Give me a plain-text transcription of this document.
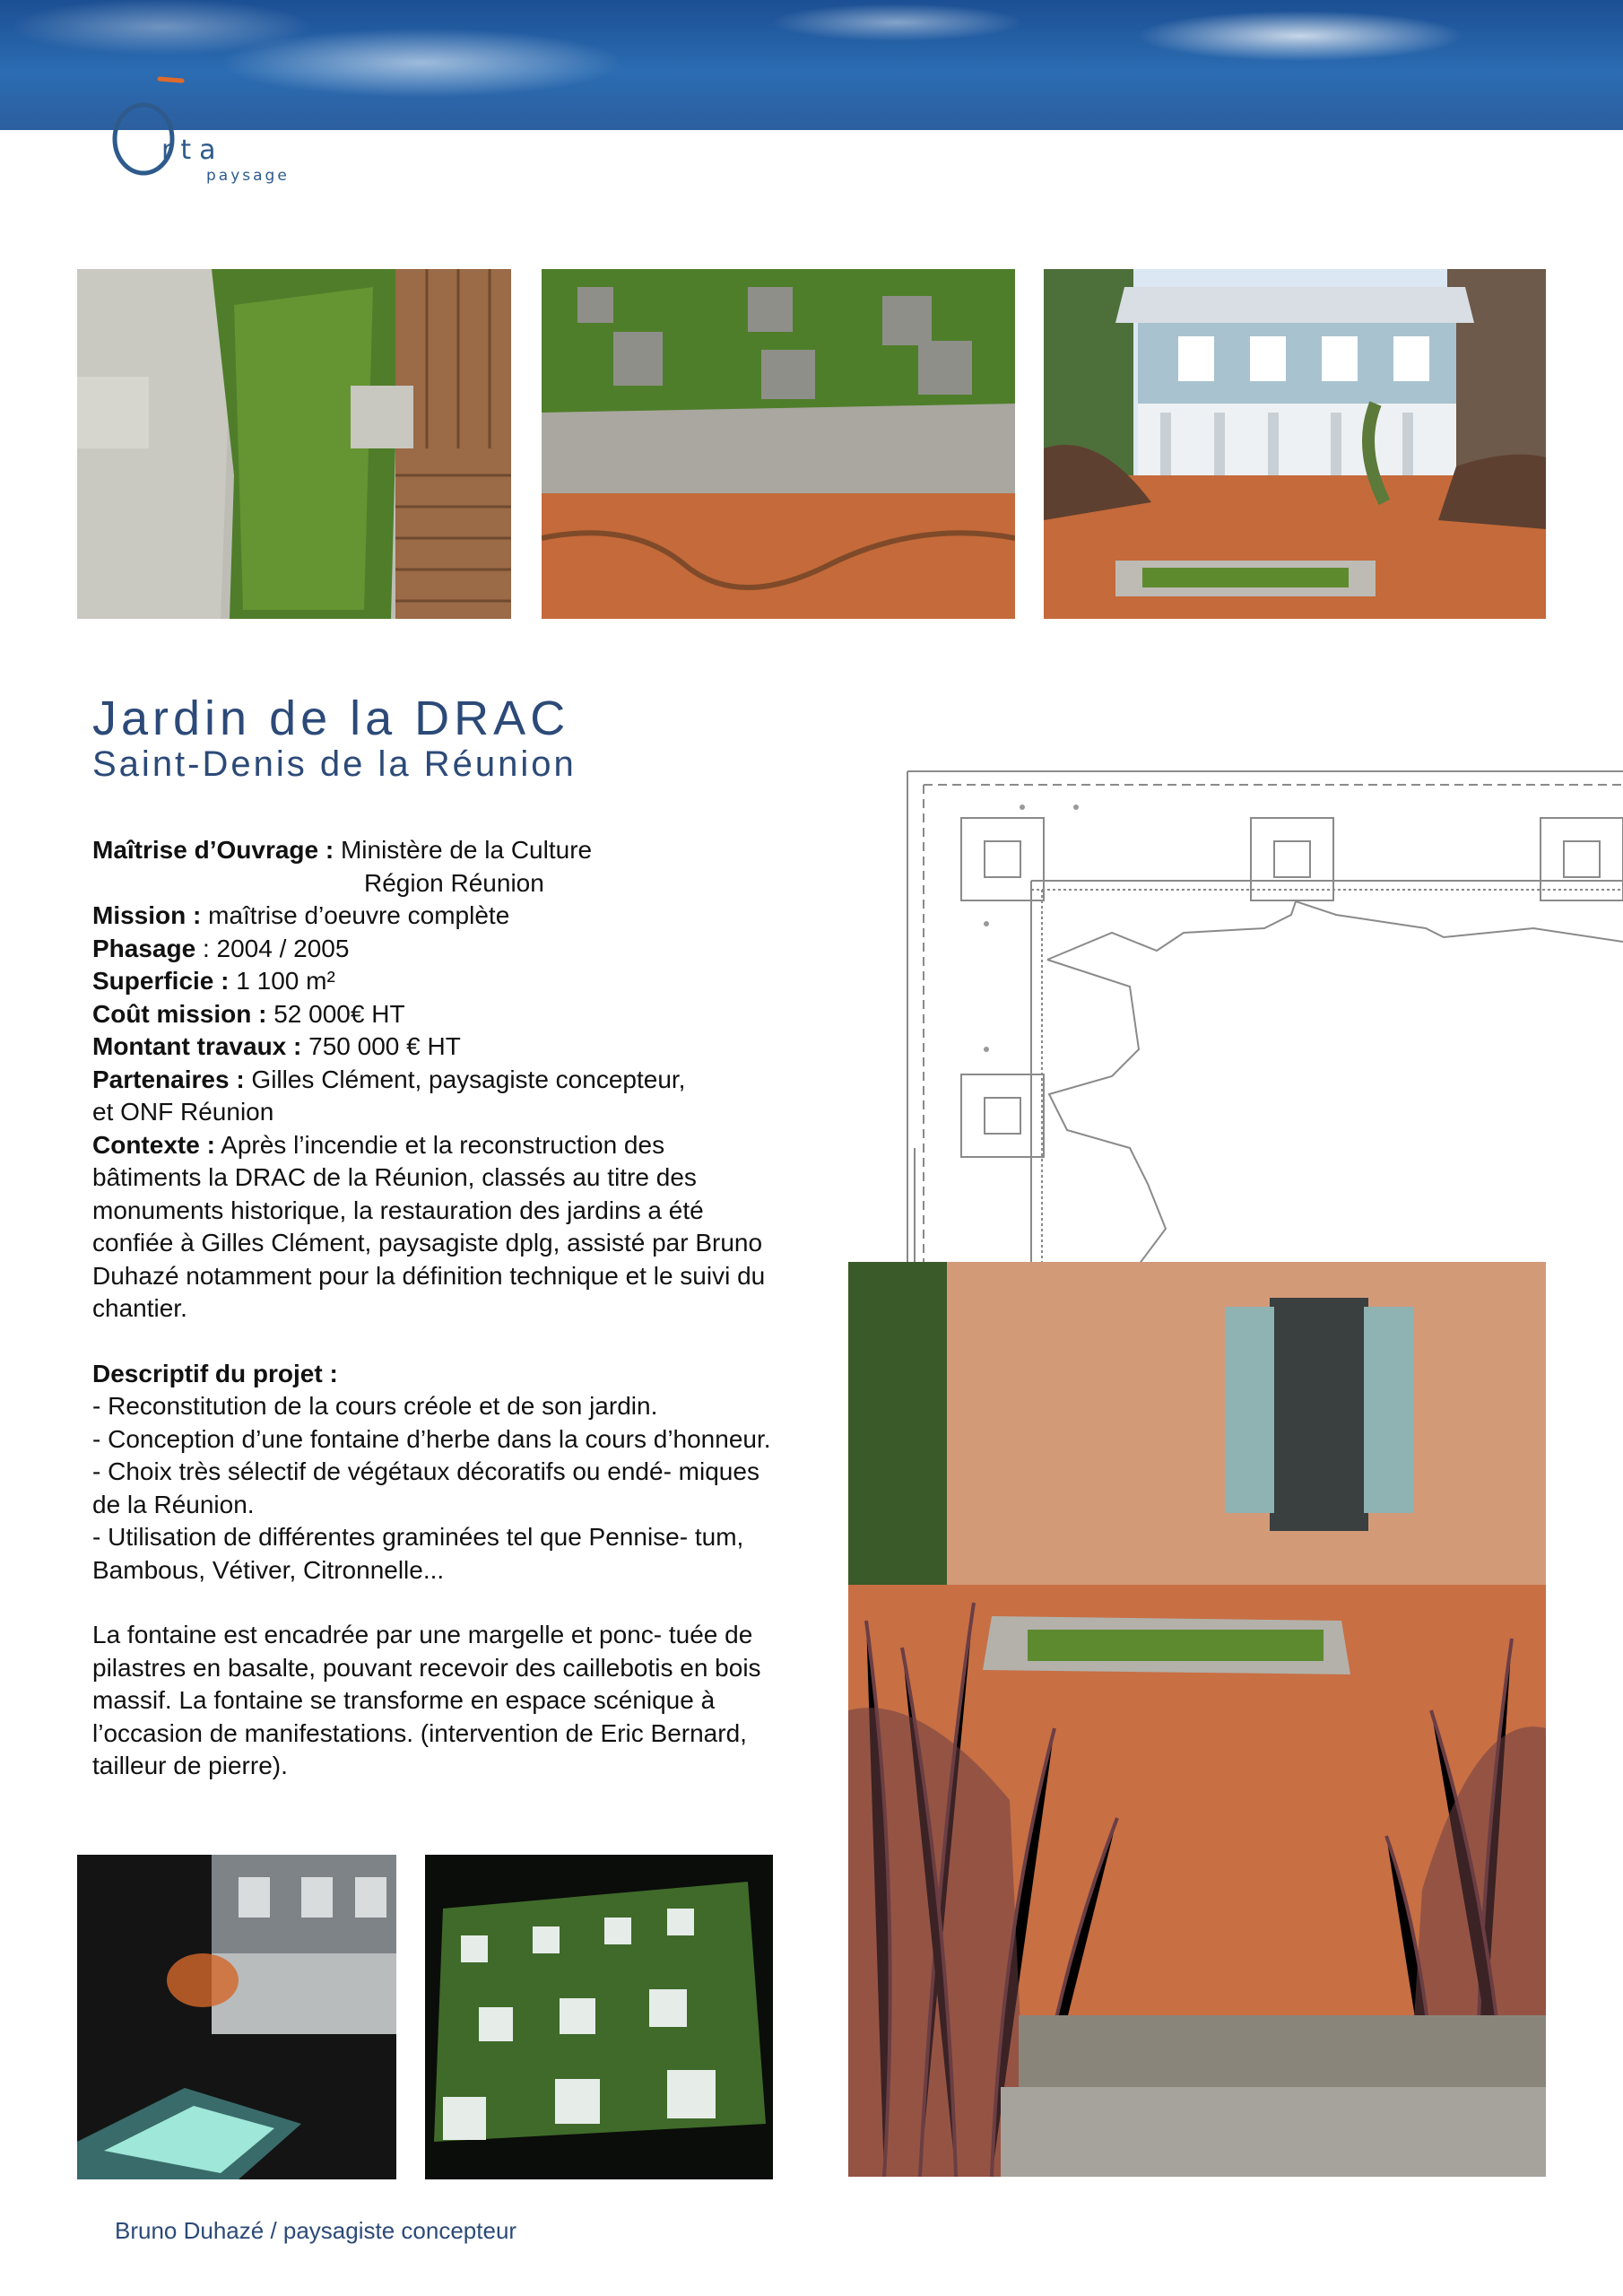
rta
paysage
Jardin de la DRAC
Saint-Denis de la Réunion

Maîtrise d’Ouvrage : Ministère de la Culture

Région Réunion

Mission : maîtrise d’oeuvre complète

Phasage : 2004 / 2005

Superficie : 1 100 m²

Coût mission : 52 000€ HT

Montant travaux : 750 000 € HT

Partenaires : Gilles Clément, paysagiste concepteur,

et ONF Réunion

Contexte : Après l’incendie et la reconstruction des bâtiments la DRAC de la Réunion, classés au titre des monuments historique, la restauration des jardins a été confiée à Gilles Clément, paysagiste dplg, assisté par Bruno Duhazé notamment pour la définition technique et le suivi du chantier.

Descriptif du projet :

- Reconstitution de la cours créole et de son jardin.

- Conception d’une fontaine d’herbe dans la cours d’honneur.

- Choix très sélectif de végétaux décoratifs ou endé- miques de la Réunion.

- Utilisation de différentes graminées tel que Pennise- tum, Bambous, Vétiver, Citronnelle...

La fontaine est encadrée par une margelle et ponc- tuée de pilastres en basalte, pouvant recevoir des caillebotis en bois massif. La fontaine se transforme en espace scénique à l’occasion de manifestations. (intervention de Eric Bernard, tailleur de pierre).

Bruno Duhazé / paysagiste concepteur
